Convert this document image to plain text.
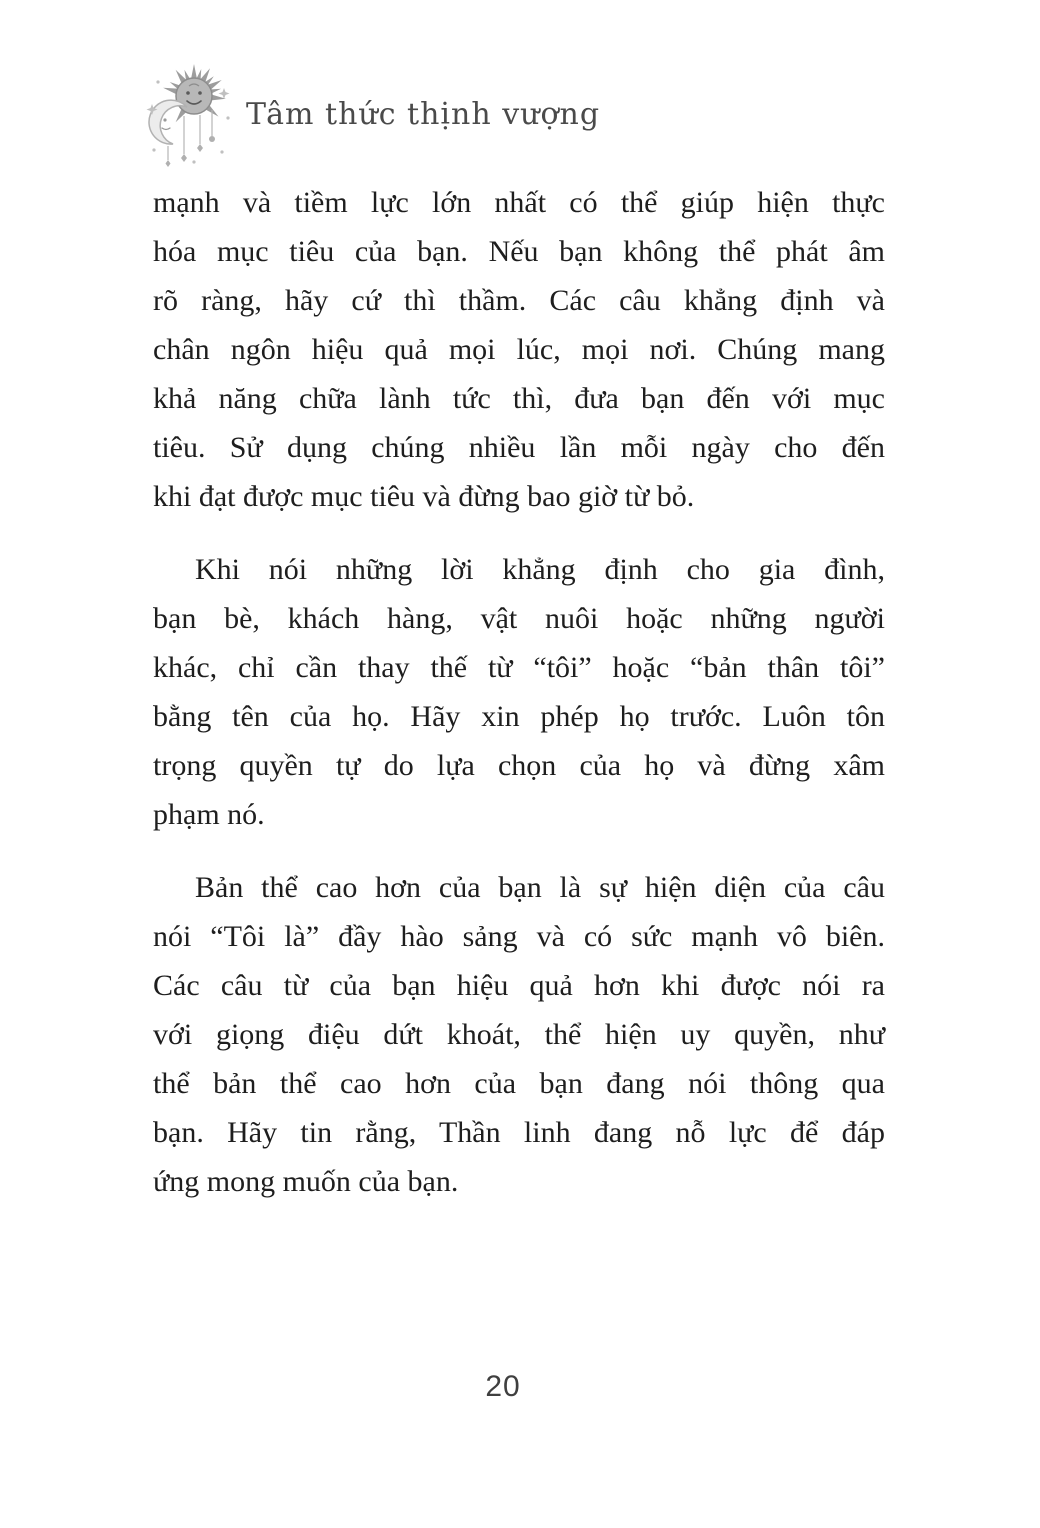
Tâm thức thịnh vượng

mạnh và tiềm lực lớn nhất có thể giúp hiện thực
hóa mục tiêu của bạn. Nếu bạn không thể phát âm
rõ ràng, hãy cứ thì thầm. Các câu khẳng định và
chân ngôn hiệu quả mọi lúc, mọi nơi. Chúng mang
khả năng chữa lành tức thì, đưa bạn đến với mục
tiêu. Sử dụng chúng nhiều lần mỗi ngày cho đến
khi đạt được mục tiêu và đừng bao giờ từ bỏ.

Khi nói những lời khẳng định cho gia đình,
bạn bè, khách hàng, vật nuôi hoặc những người
khác, chỉ cần thay thế từ “tôi” hoặc “bản thân tôi”
bằng tên của họ. Hãy xin phép họ trước. Luôn tôn
trọng quyền tự do lựa chọn của họ và đừng xâm
phạm nó.

Bản thể cao hơn của bạn là sự hiện diện của câu
nói “Tôi là” đầy hào sảng và có sức mạnh vô biên.
Các câu từ của bạn hiệu quả hơn khi được nói ra
với giọng điệu dứt khoát, thể hiện uy quyền, như
thể bản thể cao hơn của bạn đang nói thông qua
bạn. Hãy tin rằng, Thần linh đang nỗ lực để đáp
ứng mong muốn của bạn.

20
